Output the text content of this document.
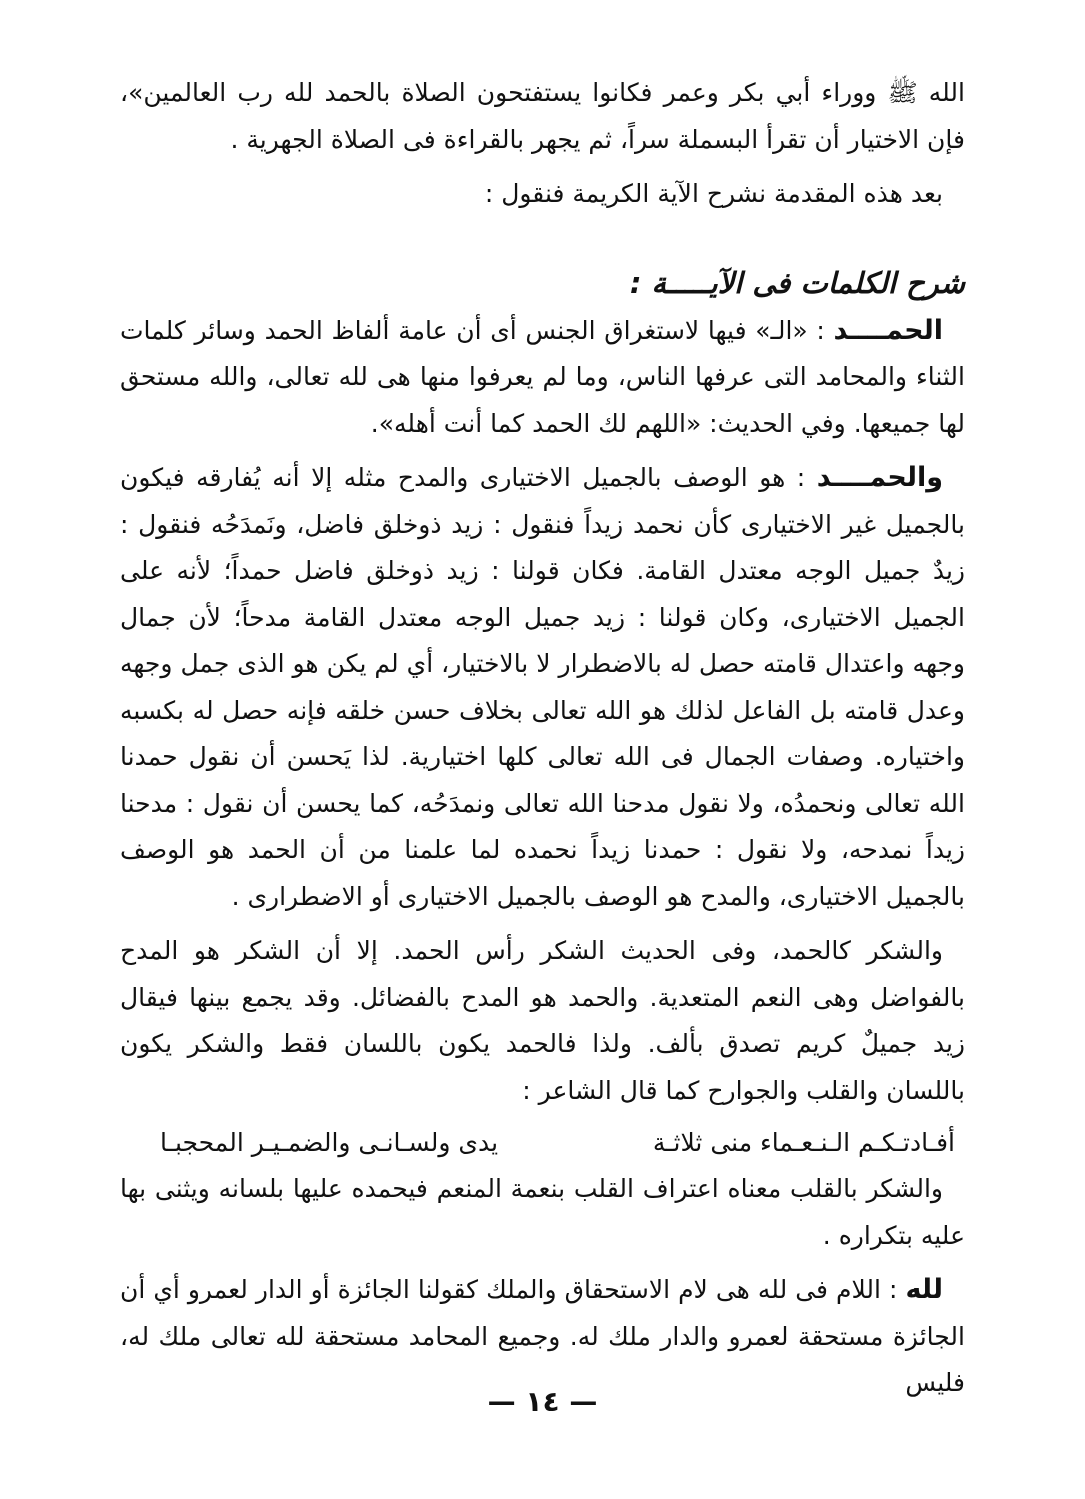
الله ﷺ ووراء أبي بكر وعمر فكانوا يستفتحون الصلاة بالحمد لله رب العالمين»، فإن الاختيار أن تقرأ البسملة سراً، ثم يجهر بالقراءة فى الصلاة الجهرية .

بعد هذه المقدمة نشرح الآية الكريمة فنقول :

شرح الكلمات فى الآيـــــة :

الحمــــد : «الـ» فيها لاستغراق الجنس أى أن عامة ألفاظ الحمد وسائر كلمات الثناء والمحامد التى عرفها الناس، وما لم يعرفوا منها هى لله تعالى، والله مستحق لها جميعها. وفي الحديث: «اللهم لك الحمد كما أنت أهله».

والحمــــد : هو الوصف بالجميل الاختيارى والمدح مثله إلا أنه يُفارقه فيكون بالجميل غير الاختيارى كأن نحمد زيداً فنقول : زيد ذوخلق فاضل، ونَمدَحُه فنقول : زيدٌ جميل الوجه معتدل القامة. فكان قولنا : زيد ذوخلق فاضل حمداً؛ لأنه على الجميل الاختيارى، وكان قولنا : زيد جميل الوجه معتدل القامة مدحاً؛ لأن جمال وجهه واعتدال قامته حصل له بالاضطرار لا بالاختيار، أي لم يكن هو الذى جمل وجهه وعدل قامته بل الفاعل لذلك هو الله تعالى بخلاف حسن خلقه فإنه حصل له بكسبه واختياره. وصفات الجمال فى الله تعالى كلها اختيارية. لذا يَحسن أن نقول حمدنا الله تعالى ونحمدُه، ولا نقول مدحنا الله تعالى ونمدَحُه، كما يحسن أن نقول : مدحنا زيداً نمدحه، ولا نقول : حمدنا زيداً نحمده لما علمنا من أن الحمد هو الوصف بالجميل الاختيارى، والمدح هو الوصف بالجميل الاختيارى أو الاضطرارى .

والشكر كالحمد، وفى الحديث الشكر رأس الحمد. إلا أن الشكر هو المدح بالفواضل وهى النعم المتعدية. والحمد هو المدح بالفضائل. وقد يجمع بينها فيقال زيد جميلٌ كريم تصدق بألف. ولذا فالحمد يكون باللسان فقط والشكر يكون باللسان والقلب والجوارح كما قال الشاعر :

أفـادتـكـم الـنـعـماء منى ثلاثـة
يدى ولسـانـى والضمـيـر المحجبـا

والشكر بالقلب معناه اعتراف القلب بنعمة المنعم فيحمده عليها بلسانه ويثنى بها عليه بتكراره .

لله : اللام فى لله هى لام الاستحقاق والملك كقولنا الجائزة أو الدار لعمرو أي أن الجائزة مستحقة لعمرو والدار ملك له. وجميع المحامد مستحقة لله تعالى ملك له، فليس

— ١٤ —
